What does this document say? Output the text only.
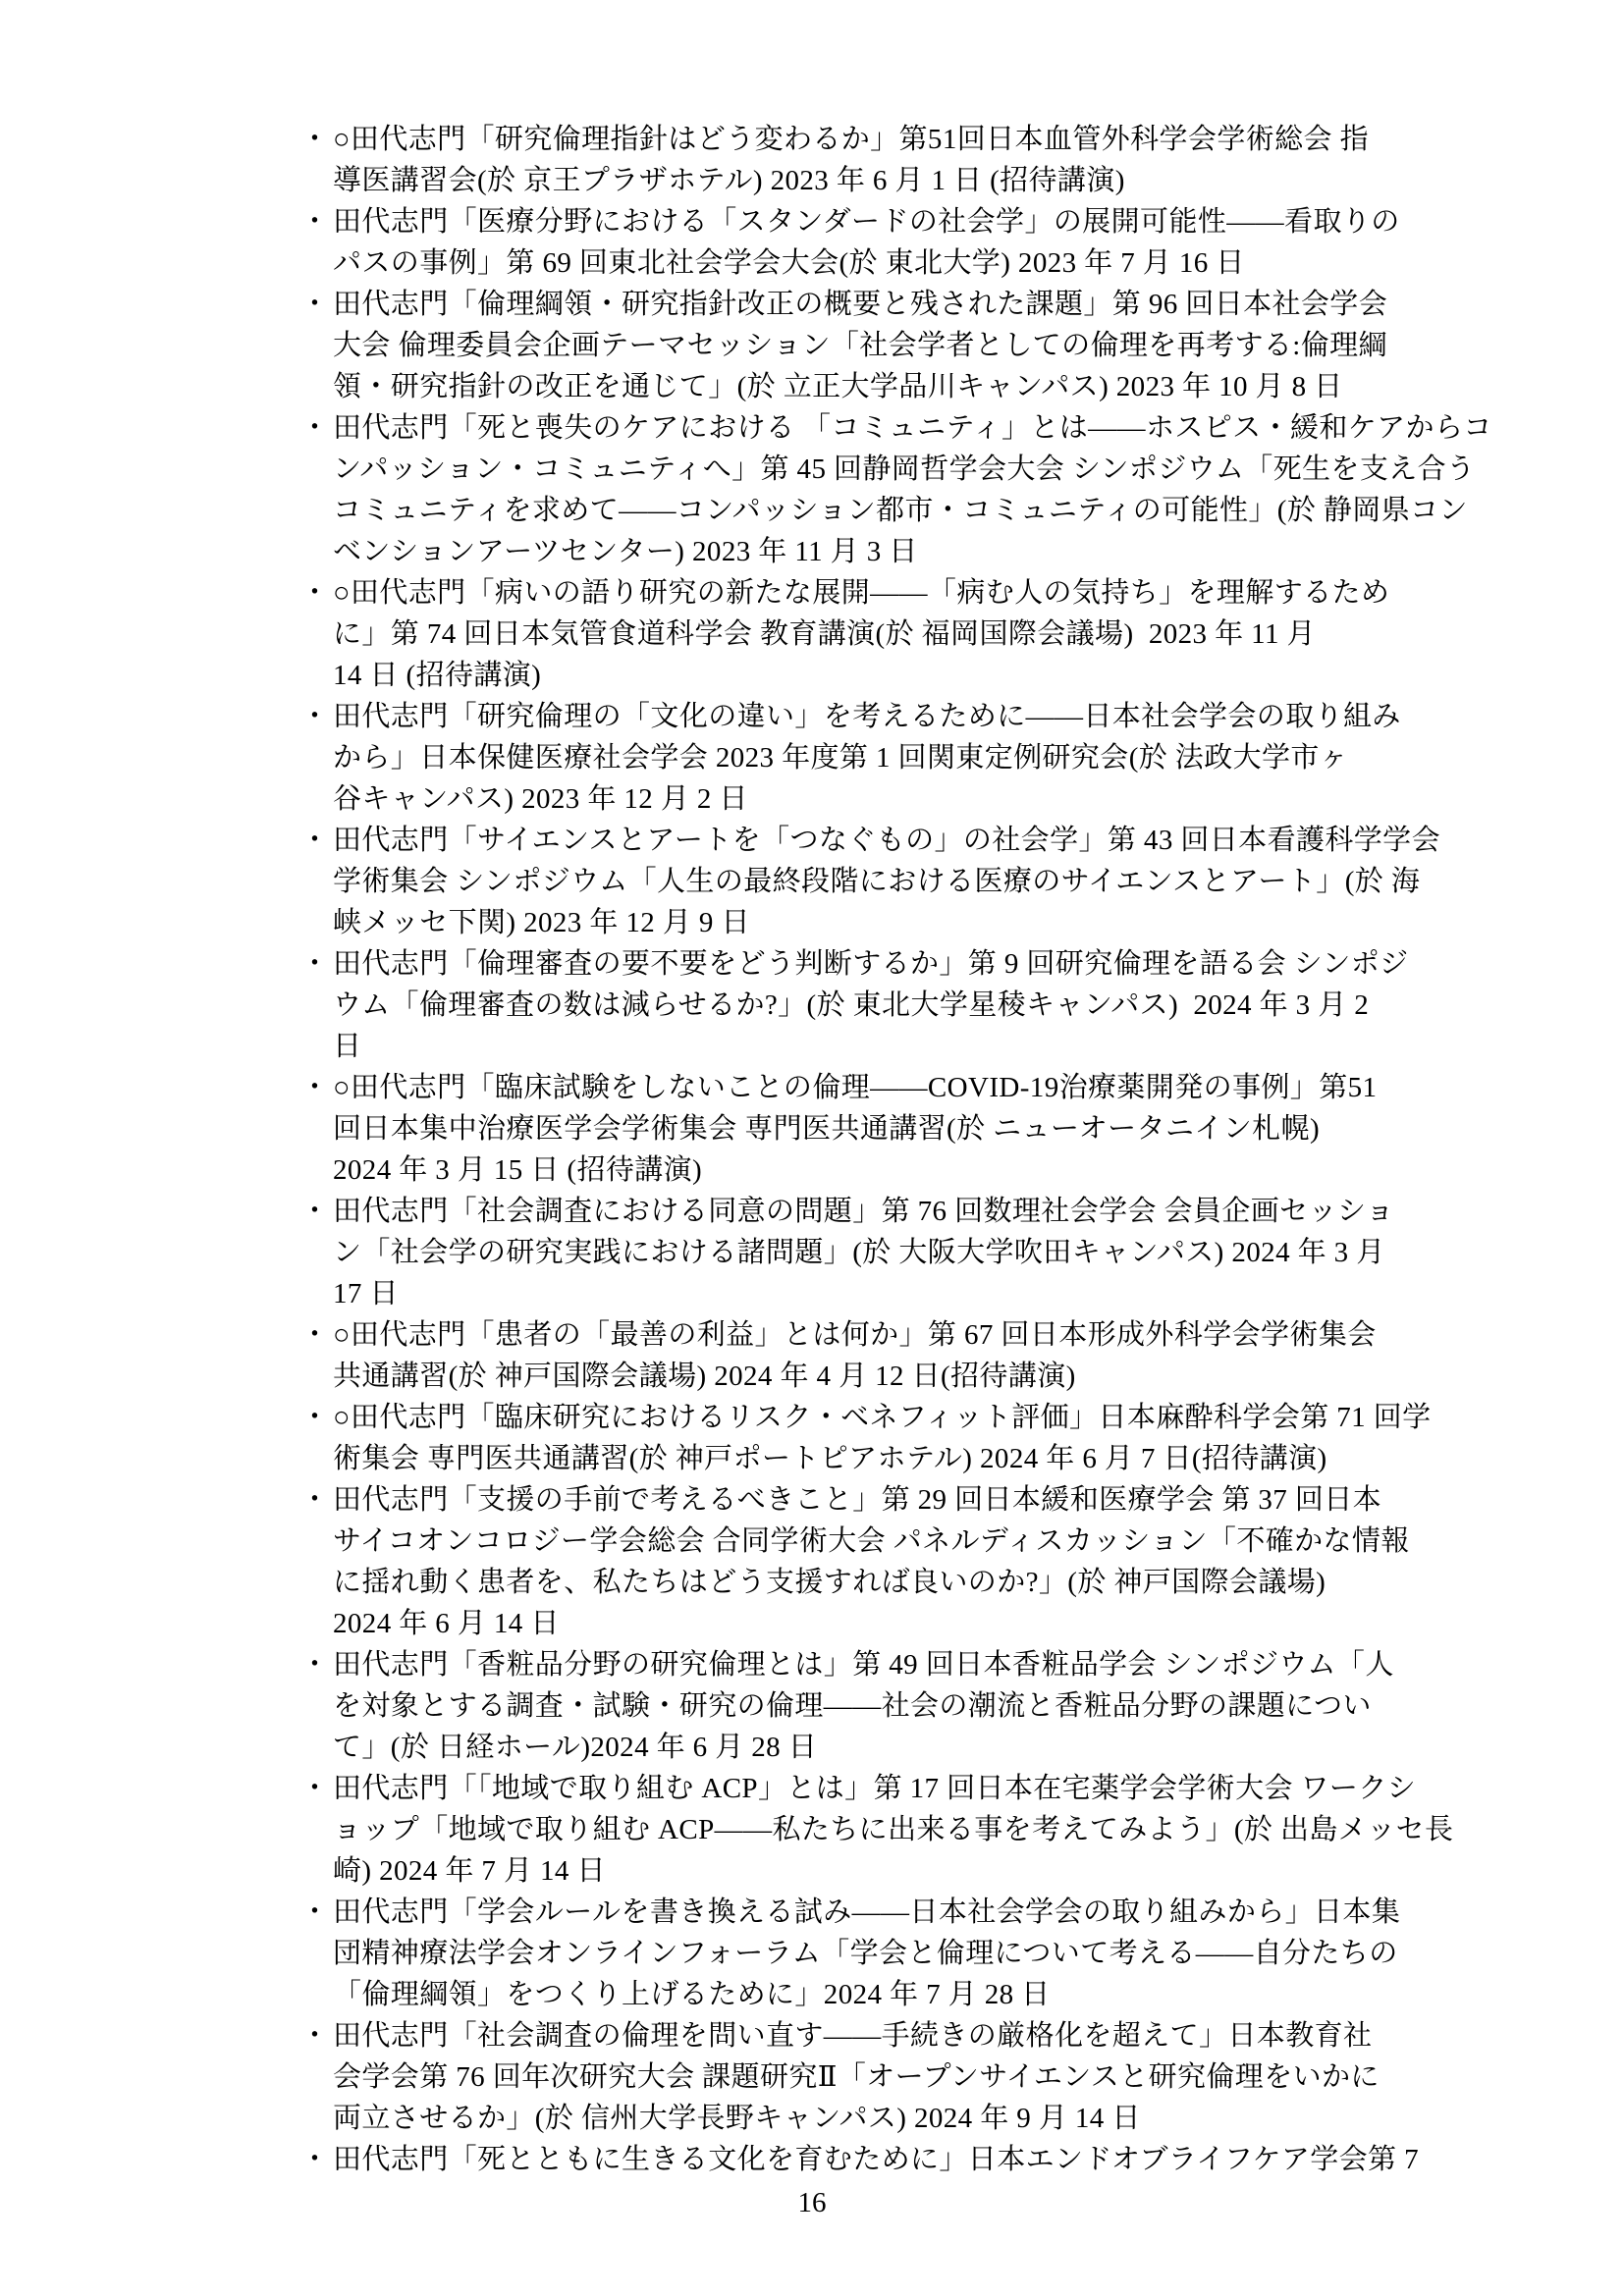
・ ○田代志門「研究倫理指針はどう変わるか」第51回日本血管外科学会学術総会 指
導医講習会(於 京王プラザホテル) 2023 年 6 月 1 日 (招待講演)
・ 田代志門「医療分野における「スタンダードの社会学」の展開可能性――看取りの
パスの事例」第 69 回東北社会学会大会(於 東北大学) 2023 年 7 月 16 日
・ 田代志門「倫理綱領・研究指針改正の概要と残された課題」第 96 回日本社会学会
大会 倫理委員会企画テーマセッション「社会学者としての倫理を再考する:倫理綱
領・研究指針の改正を通じて」(於 立正大学品川キャンパス) 2023 年 10 月 8 日
・ 田代志門「死と喪失のケアにおける 「コミュニティ」とは――ホスピス・緩和ケアからコ
ンパッション・コミュニティへ」第 45 回静岡哲学会大会 シンポジウム「死生を支え合う
コミュニティを求めて――コンパッション都市・コミュニティの可能性」(於 静岡県コン
ベンションアーツセンター) 2023 年 11 月 3 日
・ ○田代志門「病いの語り研究の新たな展開――「病む人の気持ち」を理解するため
に」第 74 回日本気管食道科学会 教育講演(於 福岡国際会議場)  2023 年 11 月
14 日 (招待講演)
・ 田代志門「研究倫理の「文化の違い」を考えるために――日本社会学会の取り組み
から」日本保健医療社会学会 2023 年度第 1 回関東定例研究会(於 法政大学市ヶ
谷キャンパス) 2023 年 12 月 2 日
・ 田代志門「サイエンスとアートを「つなぐもの」の社会学」第 43 回日本看護科学学会
学術集会 シンポジウム「人生の最終段階における医療のサイエンスとアート」(於 海
峡メッセ下関) 2023 年 12 月 9 日
・ 田代志門「倫理審査の要不要をどう判断するか」第 9 回研究倫理を語る会 シンポジ
ウム「倫理審査の数は減らせるか?」(於 東北大学星稜キャンパス)  2024 年 3 月 2
日
・ ○田代志門「臨床試験をしないことの倫理――COVID-19治療薬開発の事例」第51
回日本集中治療医学会学術集会 専門医共通講習(於 ニューオータニイン札幌)
2024 年 3 月 15 日 (招待講演)
・ 田代志門「社会調査における同意の問題」第 76 回数理社会学会 会員企画セッショ
ン「社会学の研究実践における諸問題」(於 大阪大学吹田キャンパス) 2024 年 3 月
17 日
・ ○田代志門「患者の「最善の利益」とは何か」第 67 回日本形成外科学会学術集会
共通講習(於 神戸国際会議場) 2024 年 4 月 12 日(招待講演)
・ ○田代志門「臨床研究におけるリスク・ベネフィット評価」日本麻酔科学会第 71 回学
術集会 専門医共通講習(於 神戸ポートピアホテル) 2024 年 6 月 7 日(招待講演)
・ 田代志門「支援の手前で考えるべきこと」第 29 回日本緩和医療学会 第 37 回日本
サイコオンコロジー学会総会 合同学術大会 パネルディスカッション「不確かな情報
に揺れ動く患者を、私たちはどう支援すれば良いのか?」(於 神戸国際会議場)
2024 年 6 月 14 日
・ 田代志門「香粧品分野の研究倫理とは」第 49 回日本香粧品学会 シンポジウム「人
を対象とする調査・試験・研究の倫理――社会の潮流と香粧品分野の課題につい
て」(於 日経ホール)2024 年 6 月 28 日
・ 田代志門「「地域で取り組む ACP」とは」第 17 回日本在宅薬学会学術大会 ワークシ
ョップ「地域で取り組む ACP――私たちに出来る事を考えてみよう」(於 出島メッセ長
崎) 2024 年 7 月 14 日
・ 田代志門「学会ルールを書き換える試み――日本社会学会の取り組みから」日本集
団精神療法学会オンラインフォーラム「学会と倫理について考える――自分たちの
「倫理綱領」をつくり上げるために」2024 年 7 月 28 日
・ 田代志門「社会調査の倫理を問い直す――手続きの厳格化を超えて」日本教育社
会学会第 76 回年次研究大会 課題研究Ⅱ「オープンサイエンスと研究倫理をいかに
両立させるか」(於 信州大学長野キャンパス) 2024 年 9 月 14 日
・ 田代志門「死とともに生きる文化を育むために」日本エンドオブライフケア学会第 7
16
